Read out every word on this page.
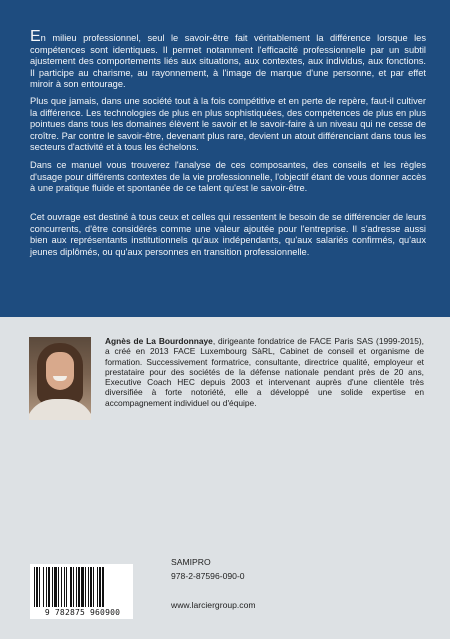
En milieu professionnel, seul le savoir-être fait véritablement la différence lorsque les compétences sont identiques. Il permet notamment l'efficacité professionnelle par un subtil ajustement des comportements liés aux situations, aux contextes, aux individus, aux fonctions. Il participe au charisme, au rayonnement, à l'image de marque d'une personne, et par effet miroir à son entourage.

Plus que jamais, dans une société tout à la fois compétitive et en perte de repère, faut-il cultiver la différence. Les technologies de plus en plus sophistiquées, des compétences de plus en plus pointues dans tous les domaines élèvent le savoir et le savoir-faire à un niveau qui ne cesse de croître. Par contre le savoir-être, devenant plus rare, devient un atout différenciant dans tous les secteurs d'activité et à tous les échelons.

Dans ce manuel vous trouverez l'analyse de ces composantes, des conseils et les règles d'usage pour différents contextes de la vie professionnelle, l'objectif étant de vous donner accès à une pratique fluide et spontanée de ce talent qu'est le savoir-être.

Cet ouvrage est destiné à tous ceux et celles qui ressentent le besoin de se différencier de leurs concurrents, d'être considérés comme une valeur ajoutée pour l'entreprise. Il s'adresse aussi bien aux représentants institutionnels qu'aux indépendants, qu'aux salariés confirmés, qu'aux jeunes diplômés, ou qu'aux personnes en transition professionnelle.

Agnès de La Bourdonnaye, dirigeante fondatrice de FACE Paris SAS (1999-2015), a créé en 2013 FACE Luxembourg SàRL, Cabinet de conseil et organisme de formation. Successivement formatrice, consultante, directrice qualité, employeur et prestataire pour des sociétés de la défense nationale pendant près de 20 ans, Executive Coach HEC depuis 2003 et intervenant auprès d'une clientèle très diversifiée à forte notoriété, elle a développé une solide expertise en accompagnement individuel ou d'équipe.

9 782875 960900
SAMIPRO
978-2-87596-090-0
www.larciergroup.com
